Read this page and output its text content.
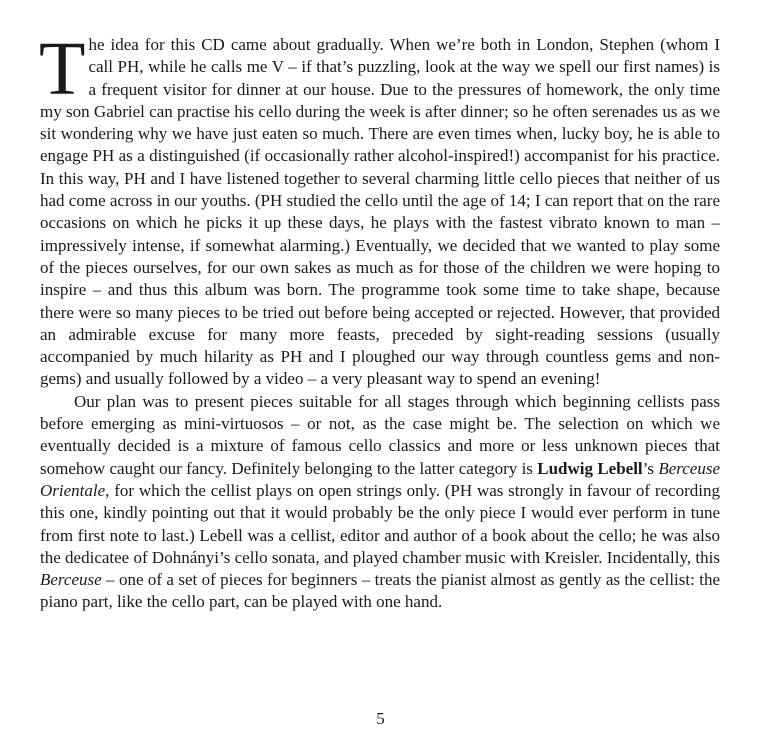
The idea for this CD came about gradually. When we’re both in London, Stephen (whom I call PH, while he calls me V – if that’s puzzling, look at the way we spell our first names) is a frequent visitor for dinner at our house. Due to the pressures of homework, the only time my son Gabriel can practise his cello during the week is after dinner; so he often serenades us as we sit wondering why we have just eaten so much. There are even times when, lucky boy, he is able to engage PH as a distinguished (if occasionally rather alcohol-inspired!) accompanist for his practice. In this way, PH and I have listened together to several charming little cello pieces that neither of us had come across in our youths. (PH studied the cello until the age of 14; I can report that on the rare occasions on which he picks it up these days, he plays with the fastest vibrato known to man – impressively intense, if somewhat alarming.) Eventually, we decided that we wanted to play some of the pieces ourselves, for our own sakes as much as for those of the children we were hoping to inspire – and thus this album was born. The programme took some time to take shape, because there were so many pieces to be tried out before being accepted or rejected. However, that provided an admirable excuse for many more feasts, preceded by sight-reading sessions (usually accompanied by much hilarity as PH and I ploughed our way through countless gems and non-gems) and usually followed by a video – a very pleasant way to spend an evening!

Our plan was to present pieces suitable for all stages through which beginning cellists pass before emerging as mini-virtuosos – or not, as the case might be. The selection on which we eventually decided is a mixture of famous cello classics and more or less unknown pieces that somehow caught our fancy. Definitely belonging to the latter category is Ludwig Lebell’s Berceuse Orientale, for which the cellist plays on open strings only. (PH was strongly in favour of recording this one, kindly pointing out that it would probably be the only piece I would ever perform in tune from first note to last.) Lebell was a cellist, editor and author of a book about the cello; he was also the dedicatee of Dohnányi’s cello sonata, and played chamber music with Kreisler. Incidentally, this Berceuse – one of a set of pieces for beginners – treats the pianist almost as gently as the cellist: the piano part, like the cello part, can be played with one hand.

5
